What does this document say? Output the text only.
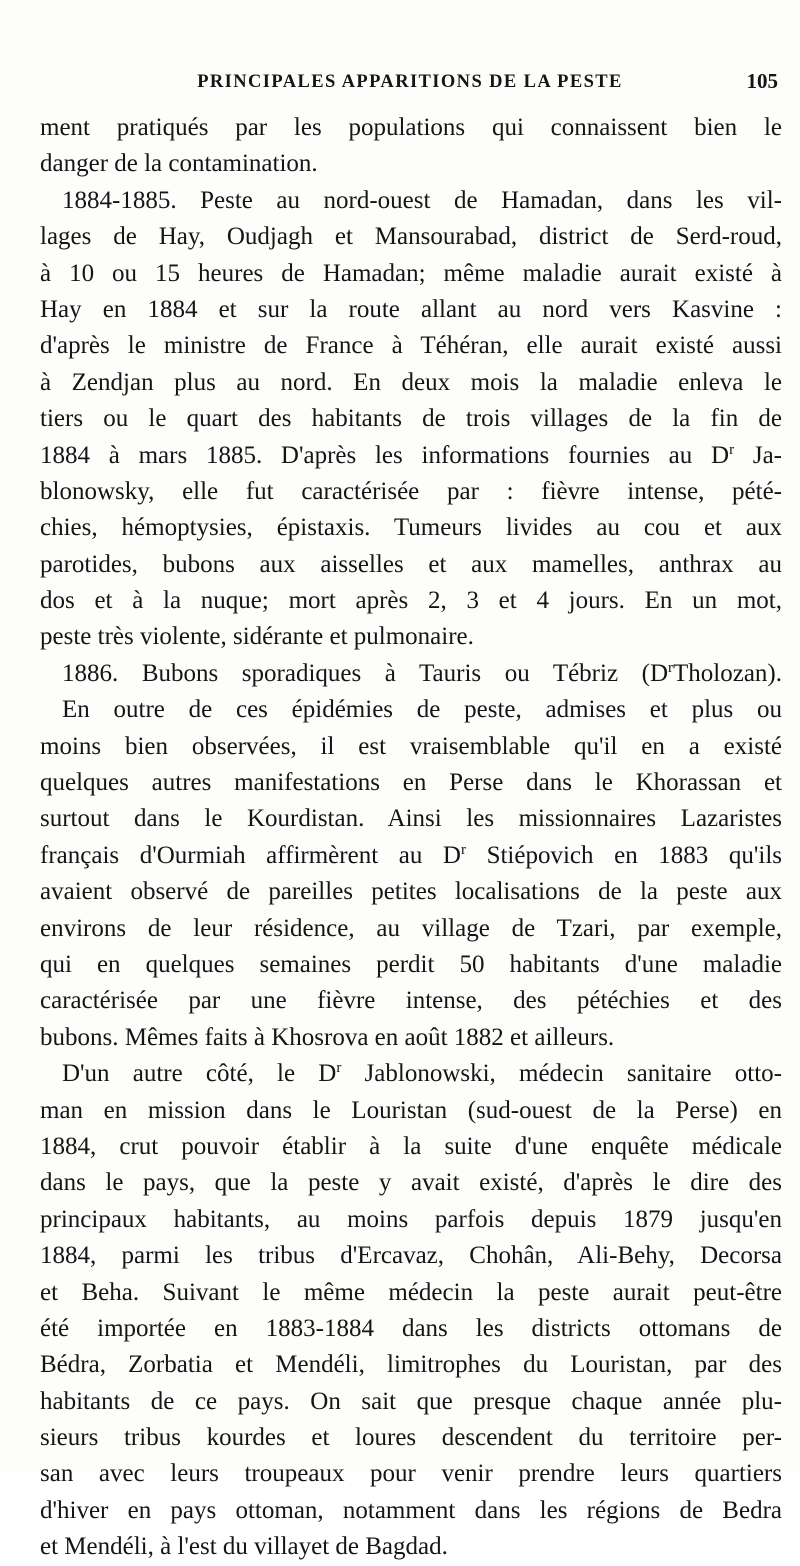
PRINCIPALES APPARITIONS DE LA PESTE	105
ment pratiqués par les populations qui connaissent bien le
danger de la contamination.
1884-1885. Peste au nord-ouest de Hamadan, dans les vil-
lages de Hay, Oudjagh et Mansourabad, district de Serd-roud,
à 10 ou 15 heures de Hamadan; même maladie aurait existé à
Hay en 1884 et sur la route allant au nord vers Kasvine :
d'après le ministre de France à Téhéran, elle aurait existé aussi
à Zendjan plus au nord. En deux mois la maladie enleva le
tiers ou le quart des habitants de trois villages de la fin de
1884 à mars 1885. D'après les informations fournies au $D^r$ Ja-
blonowsky, elle fut caractérisée par : fièvre intense, pété-
chies, hémoptysies, épistaxis. Tumeurs livides au cou et aux
parotides, bubons aux aisselles et aux mamelles, anthrax au
dos et à la nuque; mort après 2, 3 et 4 jours. En un mot,
peste très violente, sidérante et pulmonaire.
1886. Bubons sporadiques à Tauris ou Tébriz $(D^rTholozan)$.
En outre de ces épidémies de peste, admises et plus ou
moins bien observées, il est vraisemblable qu'il en a existé
quelques autres manifestations en Perse dans le Khorassan et
surtout dans le Kourdistan. Ainsi les missionnaires Lazaristes
français d'Ourmiah affirmèrent au $D^r$ Stiépovich en 1883 qu'ils
avaient observé de pareilles petites localisations de la peste aux
environs de leur résidence, au village de Tzari, par exemple,
qui en quelques semaines perdit 50 habitants d'une maladie
caractérisée par une fièvre intense, des pétéchies et des
bubons. Mêmes faits à Khosrova en août 1882 et ailleurs.
D'un autre côté, le $D^r$ Jablonowski, médecin sanitaire otto-
man en mission dans le Louristan (sud-ouest de la Perse) en
1884, crut pouvoir établir à la suite d'une enquête médicale
dans le pays, que la peste y avait existé, d'après le dire des
principaux habitants, au moins parfois depuis 1879 jusqu'en
1884, parmi les tribus d'Ercavaz, Chohân, Ali-Behy, Decorsa
et Beha. Suivant le même médecin la peste aurait peut-être
été importée en 1883-1884 dans les districts ottomans de
Bédra, Zorbatia et Mendéli, limitrophes du Louristan, par des
habitants de ce pays. On sait que presque chaque année plu-
sieurs tribus kourdes et loures descendent du territoire per-
san avec leurs troupeaux pour venir prendre leurs quartiers
d'hiver en pays ottoman, notamment dans les régions de Bedra
et Mendéli, à l'est du villayet de Bagdad.
